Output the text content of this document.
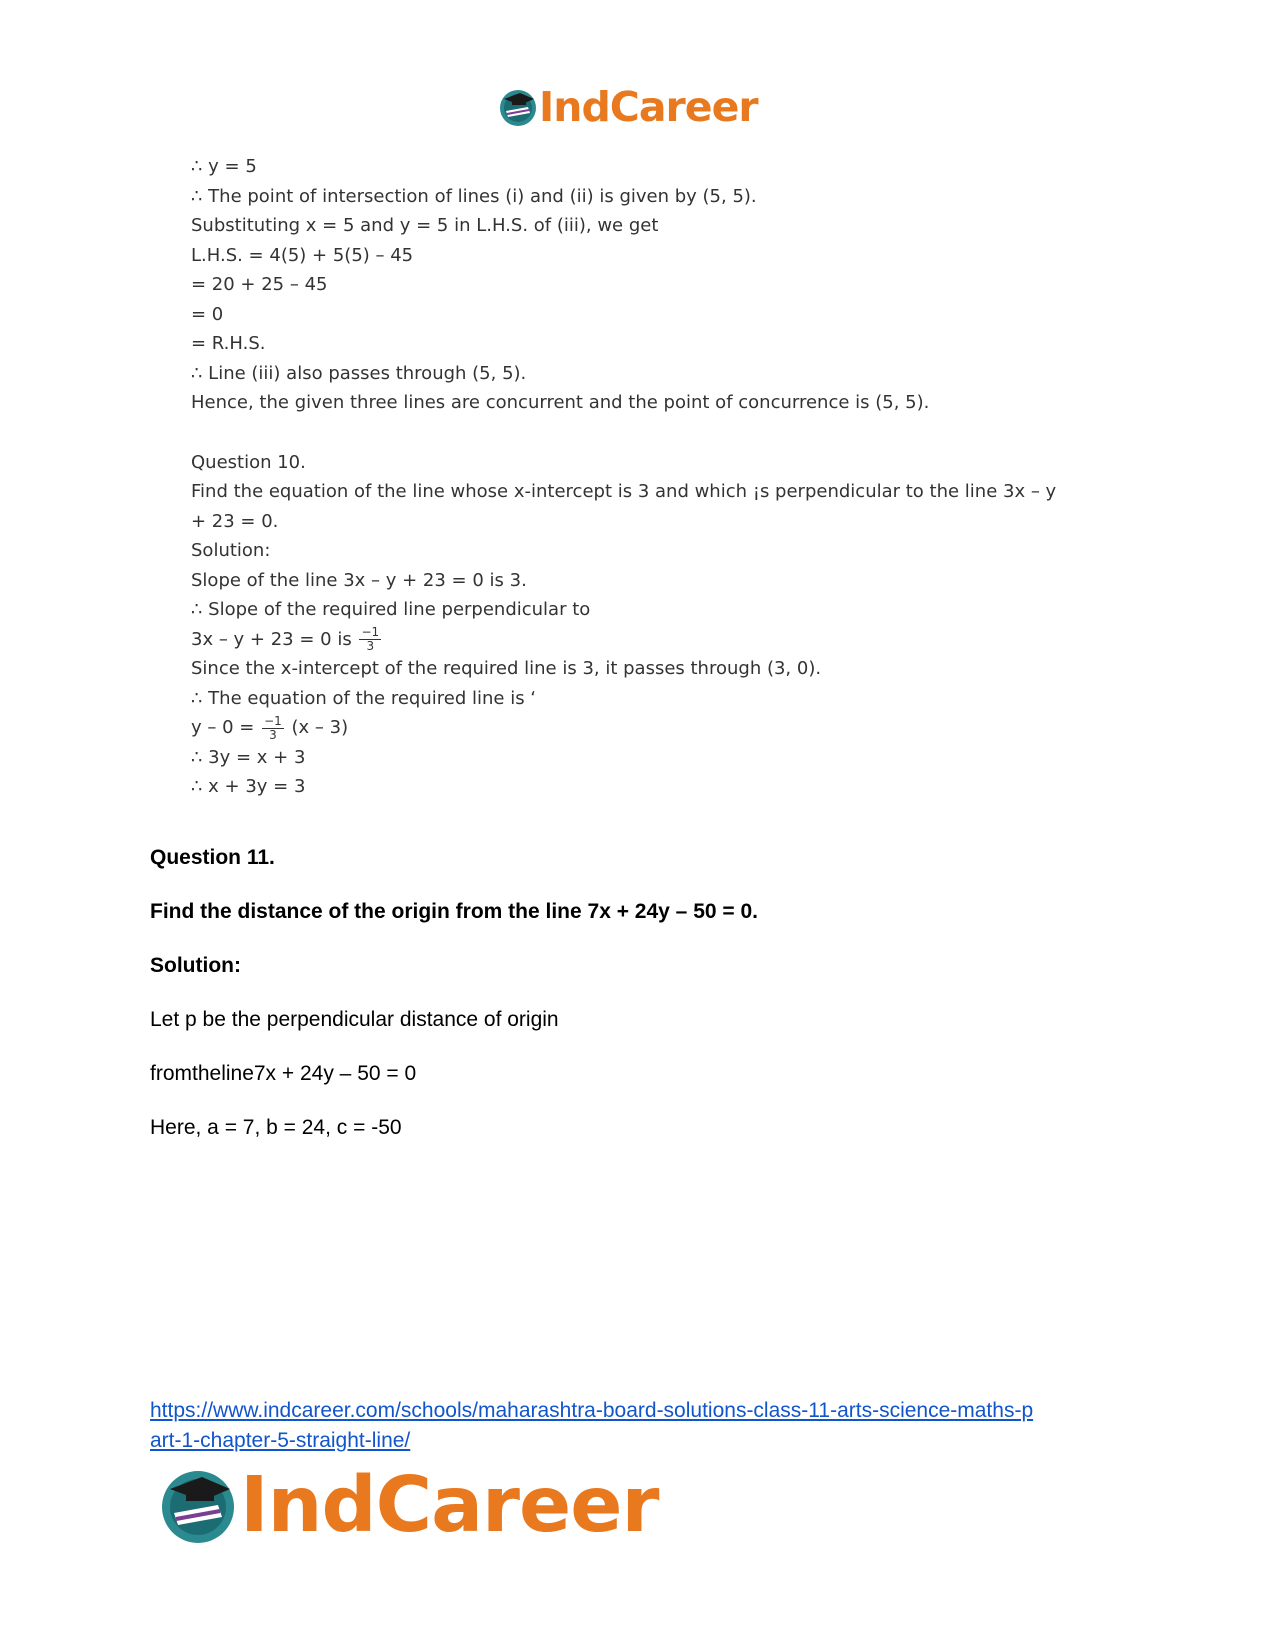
IndCareer
∴ y = 5
∴ The point of intersection of lines (i) and (ii) is given by (5, 5).
Substituting x = 5 and y = 5 in L.H.S. of (iii), we get
L.H.S. = 4(5) + 5(5) – 45
= 20 + 25 – 45
= 0
= R.H.S.
∴ Line (iii) also passes through (5, 5).
Hence, the given three lines are concurrent and the point of concurrence is (5, 5).
Question 10.
Find the equation of the line whose x-intercept is 3 and which ¡s perpendicular to the line 3x – y
+ 23 = 0.
Solution:
Slope of the line 3x – y + 23 = 0 is 3.
∴ Slope of the required line perpendicular to
3x – y + 23 = 0 is $\frac{-1}{3}$
Since the x-intercept of the required line is 3, it passes through (3, 0).
∴ The equation of the required line is ‘
$y - 0 = \frac{-1}{3} (x - 3)$
∴ 3y = x + 3
∴ x + 3y = 3
Question 11.
Find the distance of the origin from the line 7x + 24y – 50 = 0.
Solution:
Let p be the perpendicular distance of origin
fromtheline7x + 24y – 50 = 0
Here, a = 7, b = 24, c = -50
https://www.indcareer.com/schools/maharashtra-board-solutions-class-11-arts-science-maths-p
art-1-chapter-5-straight-line/
IndCareer
